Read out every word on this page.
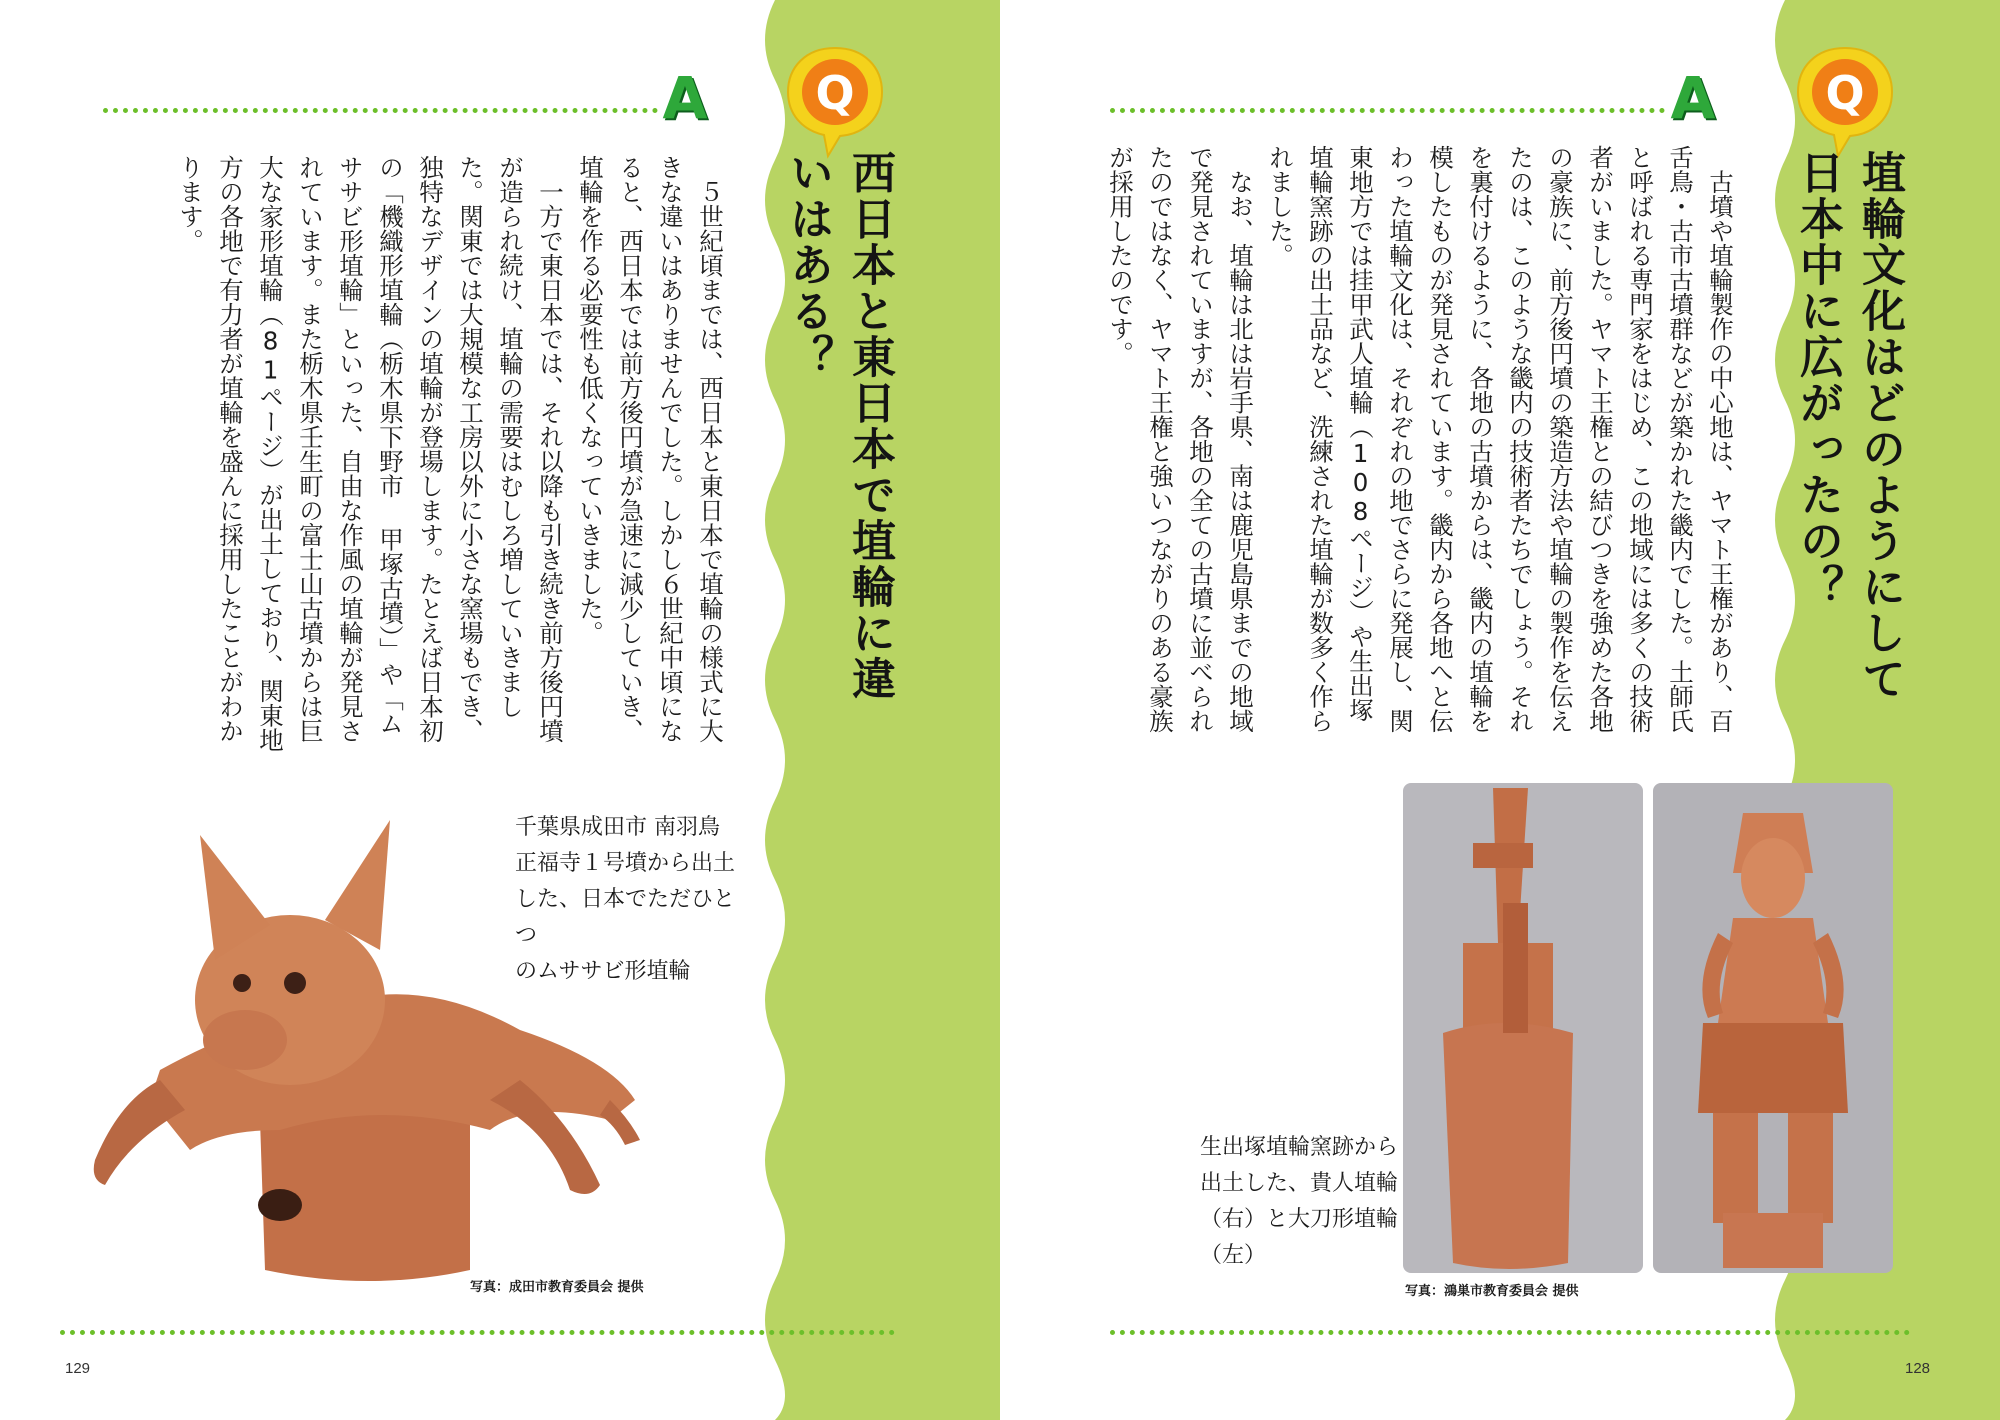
A Q
西日本と東日本で埴輪に違いはある？
　５世紀頃までは、西日本と東日本で埴輪の様式に大きな違いはありませんでした。しかし６世紀中頃になると、西日本では前方後円墳が急速に減少していき、埴輪を作る必要性も低くなっていきました。
　一方で東日本では、それ以降も引き続き前方後円墳が造られ続け、埴輪の需要はむしろ増していきました。関東では大規模な工房以外に小さな窯場もでき、独特なデザインの埴輪が登場します。たとえば日本初の「機織形埴輪（栃木県下野市 甲塚古墳）」や「ムササビ形埴輪」といった、自由な作風の埴輪が発見されています。また栃木県壬生町の富士山古墳からは巨大な家形埴輪（81ページ）が出土しており、関東地方の各地で有力者が埴輪を盛んに採用したことがわかります。
千葉県成田市 南羽鳥
正福寺１号墳から出土
した、日本でただひとつ
のムササビ形埴輪
写真：成田市教育委員会 提供
129
A Q
埴輪文化はどのようにして日本中に広がったの？
　古墳や埴輪製作の中心地は、ヤマト王権があり、百舌鳥・古市古墳群などが築かれた畿内でした。土師氏と呼ばれる専門家をはじめ、この地域には多くの技術者がいました。ヤマト王権との結びつきを強めた各地の豪族に、前方後円墳の築造方法や埴輪の製作を伝えたのは、このような畿内の技術者たちでしょう。それを裏付けるように、各地の古墳からは、畿内の埴輪を模したものが発見されています。畿内から各地へと伝わった埴輪文化は、それぞれの地でさらに発展し、関東地方では挂甲武人埴輪（108ページ）や生出塚埴輪窯跡の出土品など、洗練された埴輪が数多く作られました。
　なお、埴輪は北は岩手県、南は鹿児島県までの地域で発見されていますが、各地の全ての古墳に並べられたのではなく、ヤマト王権と強いつながりのある豪族が採用したのです。
生出塚埴輪窯跡から
出土した、貴人埴輪
（右）と大刀形埴輪（左）
写真：鴻巣市教育委員会 提供
128
